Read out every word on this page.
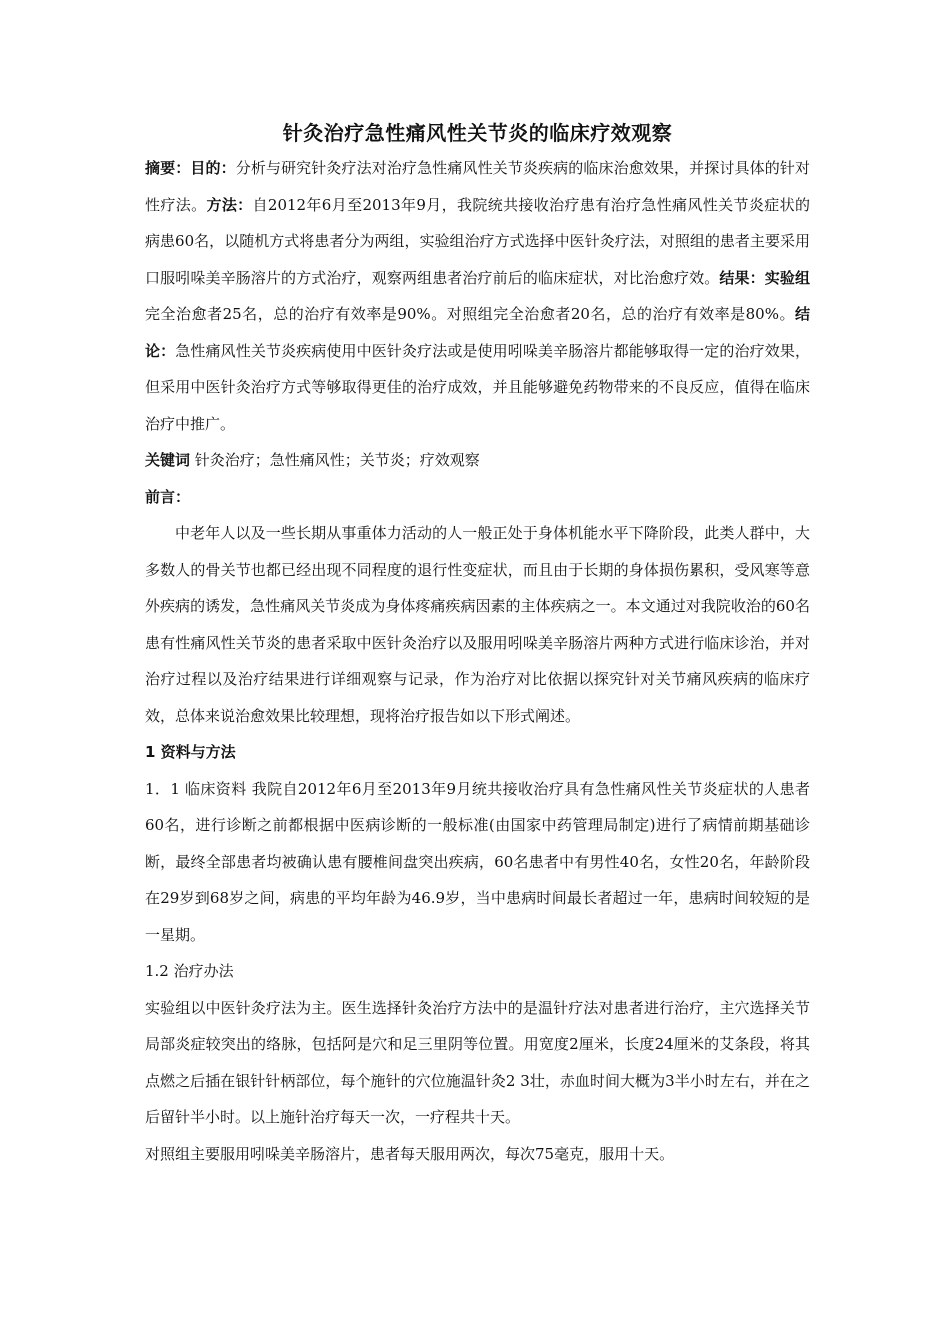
针灸治疗急性痛风性关节炎的临床疗效观察

摘要：目的：分析与研究针灸疗法对治疗急性痛风性关节炎疾病的临床治愈效果，并探讨具体的针对性疗法。方法：自2012年6月至2013年9月，我院统共接收治疗患有治疗急性痛风性关节炎症状的病患60名，以随机方式将患者分为两组，实验组治疗方式选择中医针灸疗法，对照组的患者主要采用口服吲哚美辛肠溶片的方式治疗，观察两组患者治疗前后的临床症状，对比治愈疗效。结果：实验组完全治愈者25名，总的治疗有效率是90%。对照组完全治愈者20名，总的治疗有效率是80%。结论：急性痛风性关节炎疾病使用中医针灸疗法或是使用吲哚美辛肠溶片都能够取得一定的治疗效果，但采用中医针灸治疗方式等够取得更佳的治疗成效，并且能够避免药物带来的不良反应，值得在临床治疗中推广。

关键词 针灸治疗；急性痛风性；关节炎；疗效观察

前言：

中老年人以及一些长期从事重体力活动的人一般正处于身体机能水平下降阶段，此类人群中，大多数人的骨关节也都已经出现不同程度的退行性变症状，而且由于长期的身体损伤累积，受风寒等意外疾病的诱发，急性痛风关节炎成为身体疼痛疾病因素的主体疾病之一。本文通过对我院收治的60名患有性痛风性关节炎的患者采取中医针灸治疗以及服用吲哚美辛肠溶片两种方式进行临床诊治，并对治疗过程以及治疗结果进行详细观察与记录，作为治疗对比依据以探究针对关节痛风疾病的临床疗效，总体来说治愈效果比较理想，现将治疗报告如以下形式阐述。

1 资料与方法

1．1 临床资料 我院自2012年6月至2013年9月统共接收治疗具有急性痛风性关节炎症状的人患者60名，进行诊断之前都根据中医病诊断的一般标准(由国家中药管理局制定)进行了病情前期基础诊断，最终全部患者均被确认患有腰椎间盘突出疾病，60名患者中有男性40名，女性20名，年龄阶段在29岁到68岁之间，病患的平均年龄为46.9岁，当中患病时间最长者超过一年，患病时间较短的是一星期。

1.2 治疗办法

实验组以中医针灸疗法为主。医生选择针灸治疗方法中的是温针疗法对患者进行治疗，主穴选择关节局部炎症较突出的络脉，包括阿是穴和足三里阴等位置。用宽度2厘米，长度24厘米的艾条段，将其点燃之后插在银针针柄部位，每个施针的穴位施温针灸2 3壮，赤血时间大概为3半小时左右，并在之后留针半小时。以上施针治疗每天一次，一疗程共十天。

对照组主要服用吲哚美辛肠溶片，患者每天服用两次，每次75毫克，服用十天。
